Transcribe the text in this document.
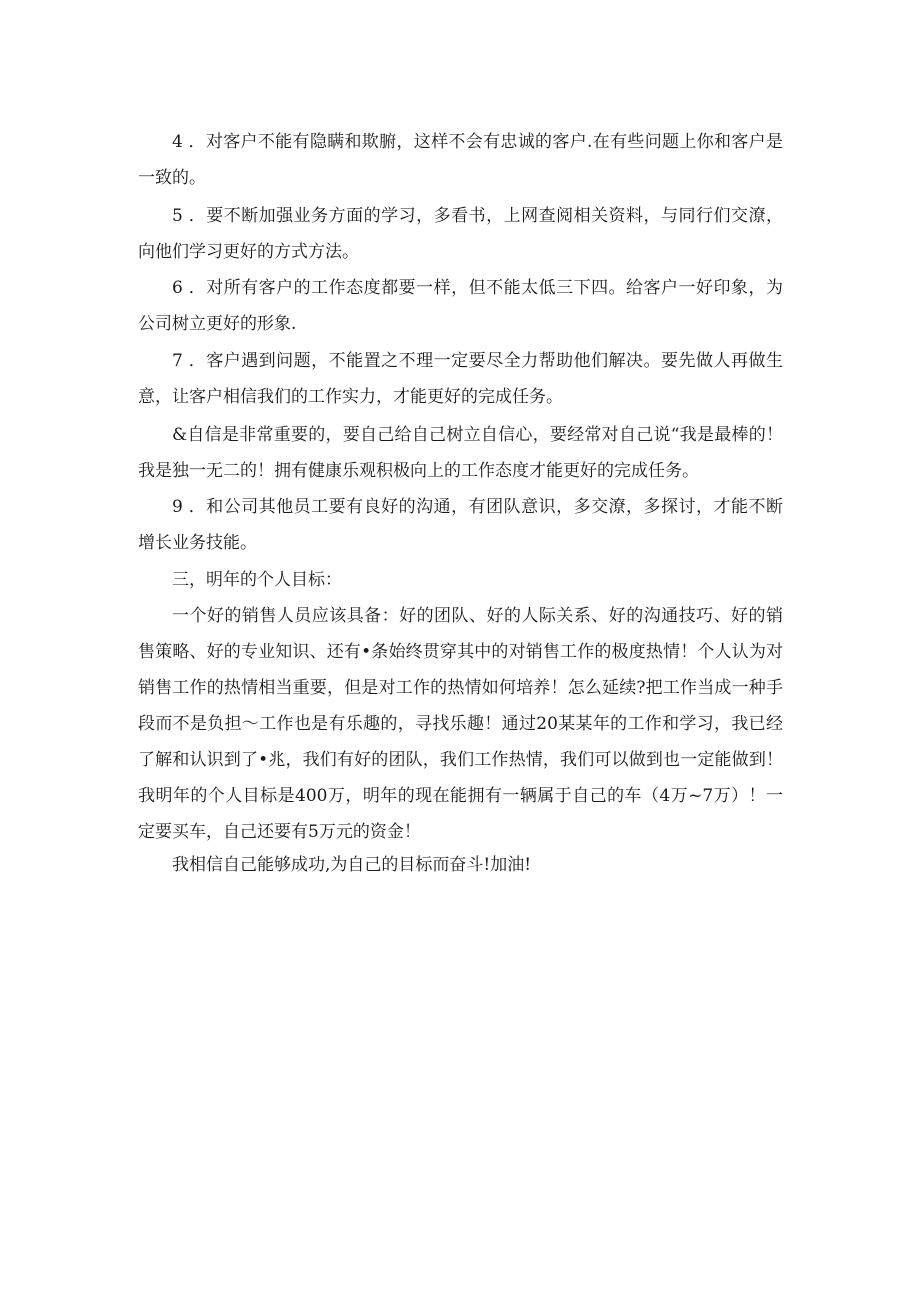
4 ．对客户不能有隐瞒和欺腑，这样不会有忠诚的客户.在有些问题上你和客户是一致的。

5 ．要不断加强业务方面的学习，多看书，上网查阅相关资料，与同行们交潦，向他们学习更好的方式方法。

6 ．对所有客户的工作态度都要一样，但不能太低三下四。给客户一好印象，为公司树立更好的形象.

7 ．客户遇到问题，不能置之不理一定要尽全力帮助他们解决。要先做人再做生意，让客户相信我们的工作实力，才能更好的完成任务。

&自信是非常重要的，要自己给自己树立自信心，要经常对自己说“我是最棒的！我是独一无二的！拥有健康乐观积极向上的工作态度才能更好的完成任务。

9 ．和公司其他员工要有良好的沟通，有团队意识，多交潦，多探讨，才能不断增长业务技能。

三，明年的个人目标：

一个好的销售人员应该具备：好的团队、好的人际关系、好的沟通技巧、好的销售策略、好的专业知识、还有•条始终贯穿其中的对销售工作的极度热情！个人认为对销售工作的热情相当重要，但是对工作的热情如何培养！怎么延续?把工作当成一种手段而不是负担〜工作也是有乐趣的，寻找乐趣！通过20某某年的工作和学习，我已经了解和认识到了•兆，我们有好的团队，我们工作热情，我们可以做到也一定能做到！我明年的个人目标是400万，明年的现在能拥有一辆属于自己的车（4万~7万）！一定要买车，自己还要有5万元的资金！

我相信自己能够成功,为自己的目标而奋斗!加油!
